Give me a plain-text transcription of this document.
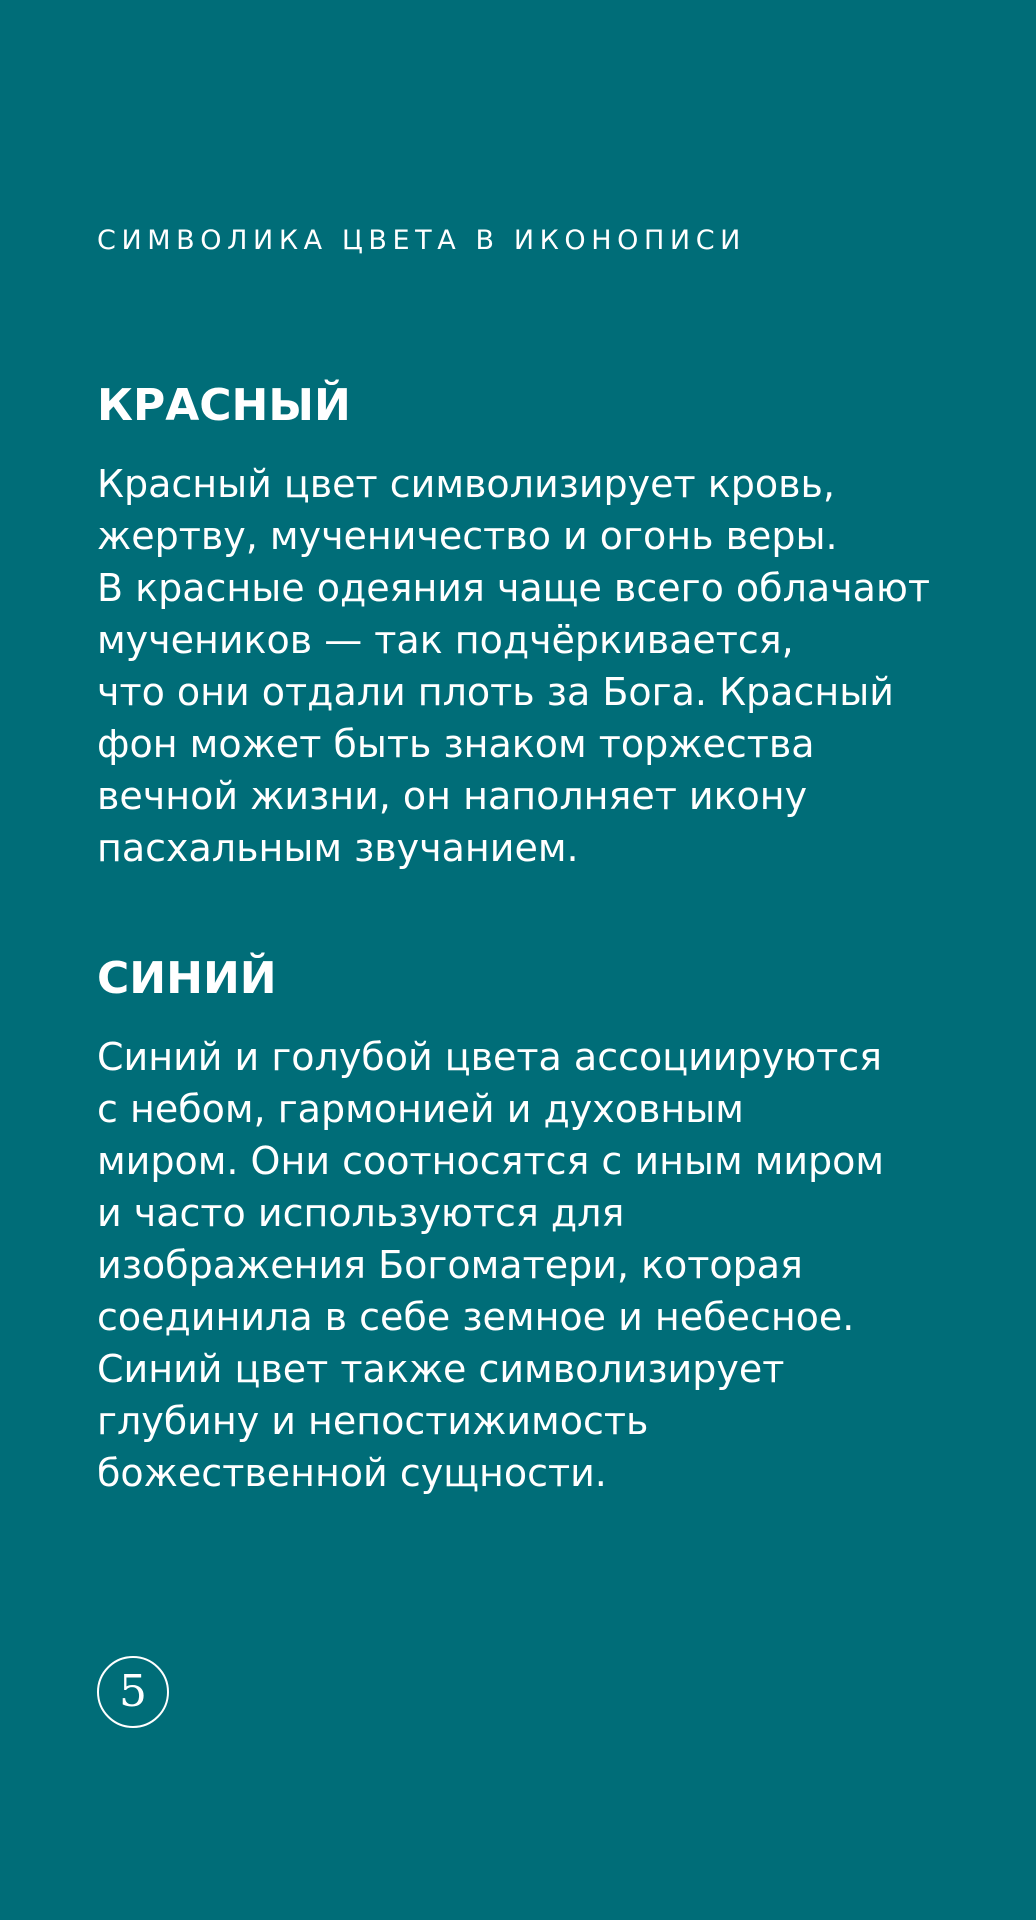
СИМВОЛИКА ЦВЕТА В ИКОНОПИСИ
КРАСНЫЙ

Красный цвет символизирует кровь,
жертву, мученичество и огонь веры.
В красные одеяния чаще всего облачают
мучеников — так подчёркивается,
что они отдали плоть за Бога. Красный
фон может быть знаком торжества
вечной жизни, он наполняет икону
пасхальным звучанием.

СИНИЙ

Синий и голубой цвета ассоциируются
с небом, гармонией и духовным
миром. Они соотносятся с иным миром
и часто используются для
изображения Богоматери, которая
соединила в себе земное и небесное.
Синий цвет также символизирует
глубину и непостижимость
божественной сущности.

5
